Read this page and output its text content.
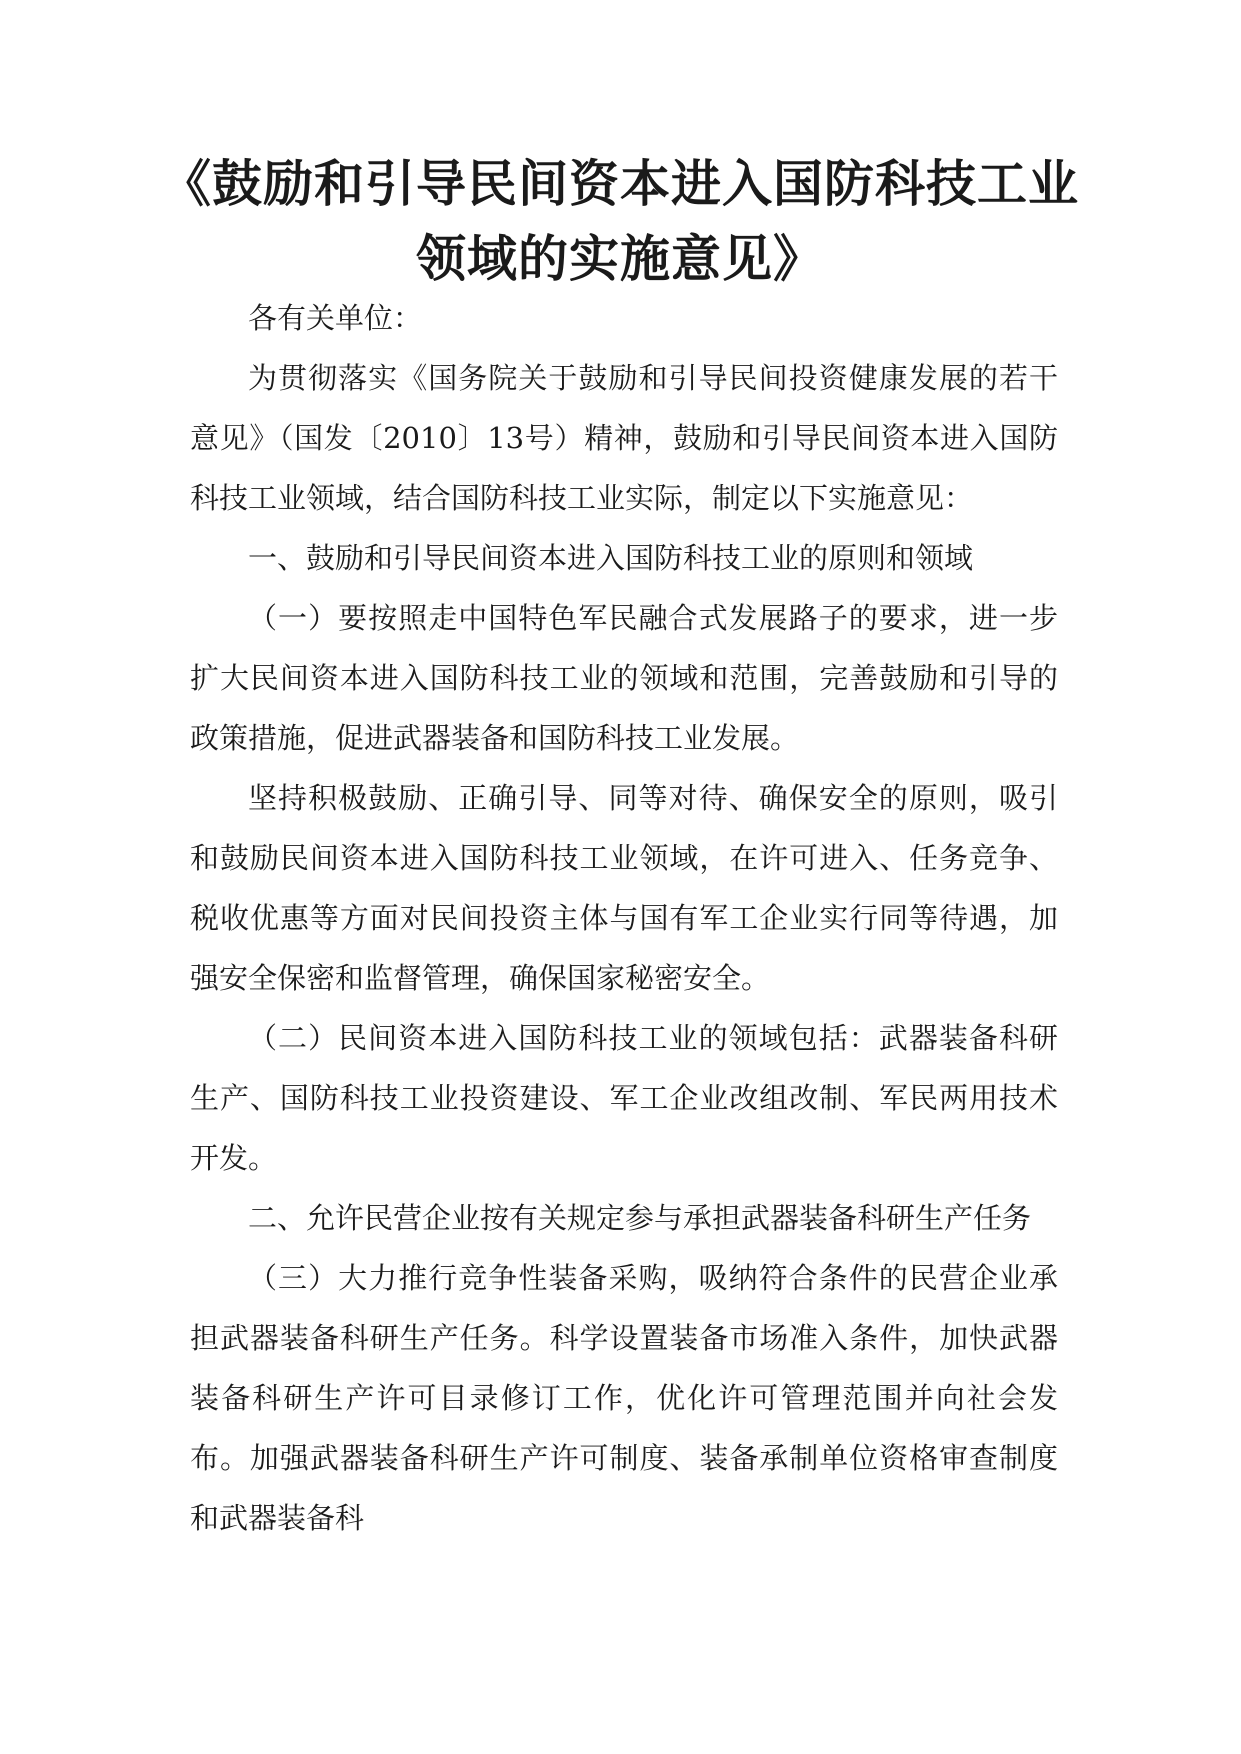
《鼓励和引导民间资本进入国防科技工业
领域的实施意见》

各有关单位：

为贯彻落实《国务院关于鼓励和引导民间投资健康发展的若干意见》（国发〔2010〕13号）精神，鼓励和引导民间资本进入国防科技工业领域，结合国防科技工业实际，制定以下实施意见：

一、鼓励和引导民间资本进入国防科技工业的原则和领域

（一）要按照走中国特色军民融合式发展路子的要求，进一步扩大民间资本进入国防科技工业的领域和范围，完善鼓励和引导的政策措施，促进武器装备和国防科技工业发展。

坚持积极鼓励、正确引导、同等对待、确保安全的原则，吸引和鼓励民间资本进入国防科技工业领域，在许可进入、任务竞争、税收优惠等方面对民间投资主体与国有军工企业实行同等待遇，加强安全保密和监督管理，确保国家秘密安全。

（二）民间资本进入国防科技工业的领域包括：武器装备科研生产、国防科技工业投资建设、军工企业改组改制、军民两用技术开发。

二、允许民营企业按有关规定参与承担武器装备科研生产任务

（三）大力推行竞争性装备采购，吸纳符合条件的民营企业承担武器装备科研生产任务。科学设置装备市场准入条件，加快武器装备科研生产许可目录修订工作，优化许可管理范围并向社会发布。加强武器装备科研生产许可制度、装备承制单位资格审查制度和武器装备科
